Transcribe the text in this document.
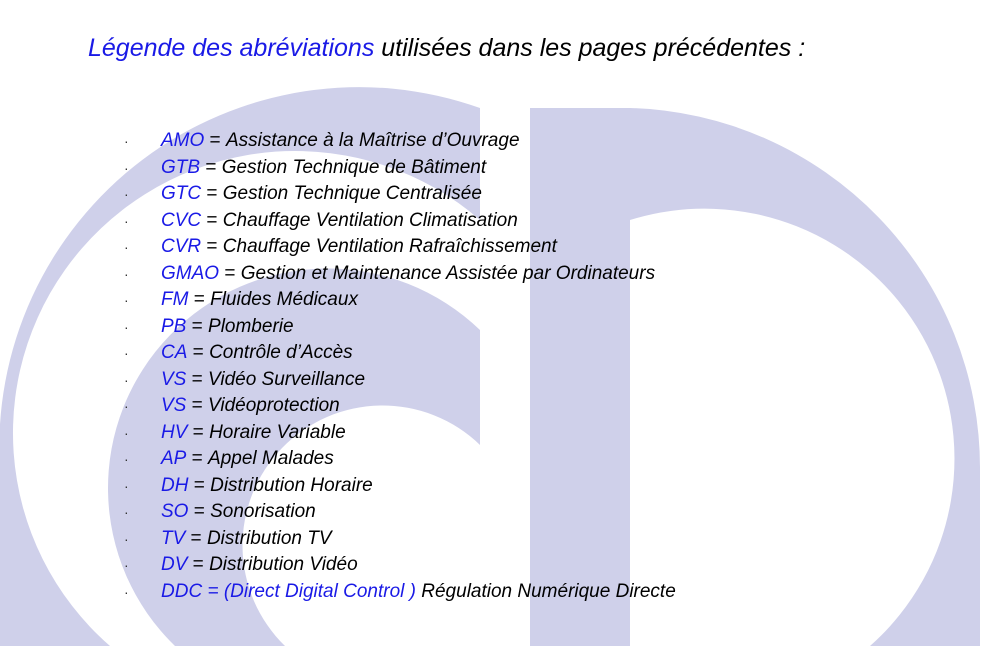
Légende des abréviations utilisées dans les pages précédentes :
· AMO = Assistance à la Maîtrise d’Ouvrage
· GTB = Gestion Technique de Bâtiment
· GTC = Gestion Technique Centralisée
· CVC = Chauffage Ventilation Climatisation
· CVR = Chauffage Ventilation Rafraîchissement
· GMAO = Gestion et Maintenance Assistée par Ordinateurs
· FM = Fluides Médicaux
· PB = Plomberie
· CA = Contrôle d’Accès
· VS = Vidéo Surveillance
· VS = Vidéoprotection
· HV = Horaire Variable
· AP = Appel Malades
· DH = Distribution Horaire
· SO = Sonorisation
· TV = Distribution TV
· DV = Distribution Vidéo
· DDC = (Direct Digital Control ) Régulation Numérique Directe
